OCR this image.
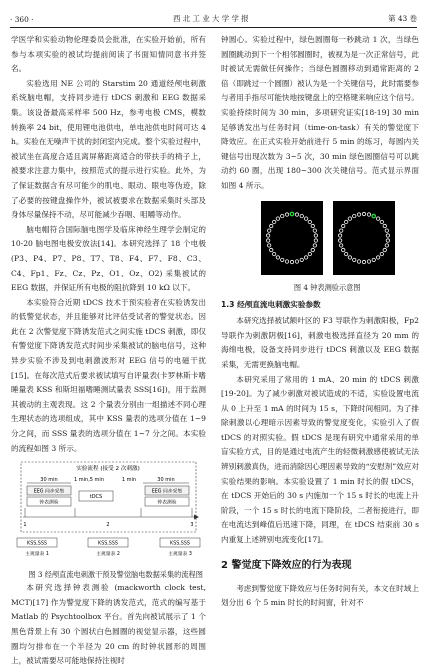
· 360 ·	西 北 工 业 大 学 学 报	第 43 卷

学医学和实验动物伦理委员会批准，在实验开始前，所有参与本项实验的被试均提前阅读了书面知情同意书并签名。

实验选用 NE 公司的 Starstim 20 通道经颅电刺激系统脑电帽，支持同步进行 tDCS 刺激和 EEG 数据采集。该设备最高采样率 500 Hz，参考电极 CMS，模数转换率 24 bit，使用锂电池供电，单电池供电时间可达 4 h。实验在无噪声干扰的封闭室内完成。整个实验过程中，被试坐在高度合适且离屏幕距离适合的带扶手的椅子上，被要求注意力集中，按照范式的提示进行实验。此外，为了保证数据含有尽可能少的肌电、眼动、眼电等伪迹，除了必要的按键盘操作外，被试被要求在数据采集时头部及身体尽量保持不动，尽可能减少吞咽、咀嚼等动作。

脑电帽符合国际脑电图学及临床神经生理学会制定的 10-20 脑电图电极安放法[14]。本研究选择了 18 个电极 (P3、P4、P7、P8、T7、T8、F4、F7、F8、C3、C4、Fp1、Fz、Cz、Pz、O1、Oz、O2) 采集被试的 EEG 数据，并保证所有电极的阻抗降到 10 kΩ 以下。

本实验符合近期 tDCS 技术于预实验者在实验诱发出的低警觉状态，并且能够对比评估受试者的警觉状态。因此在 2 次警觉度下降诱发范式之间实施 tDCS 刺激，即仅有警觉度下降诱发范式时间步采集被试的脑电信号，这种异步实验不涉及到电刺激波形对 EEG 信号的电磁干扰[15]。在每次范式后要求被试填写自评量表(卡罗林斯卡嗜睡量表 KSS 和斯坦福嗜睡测试量表 SSS[16])，用于监测其被动的主观表现。这 2 个量表分别由一组描述不同心理生理状态的选项组成，其中 KSS 量表的选项分值在 1~9 分之间，而 SSS 量表的选项分值在 1~7 分之间。本实验的流程如图 3 所示。

实验流程 (接受 2 次刺激)
30 min	1 min,5 min	1 min	30 min
EEG 同步采集
钟表测验
tDCS
EEG 同步采集
钟表测验
1	2	3
KSS,SSS
主观量表 1
KSS,SSS
主观量表 2
KSS,SSS
主观量表 3

图 3 经颅直流电刺激干预及警觉脑电数据采集的流程图

本研究选择钟表测验 (mackworth clock test, MCT)[17] 作为警觉度下降的诱发范式，范式的编写基于 Matlab 的 Psychtoolbox 平台。首先向被试展示了 1 个黑色背景上有 30 个圆状白色圆圈的视觉显示器，这些圆圈均匀排布在一个半径为 20 cm 的时钟状圆形的周围上，被试需要尽可能地保持注视时

钟圆心。实验过程中，绿色圆圈每一秒跳动 1 次，当绿色圆圈跳动到下一个相邻圆圈时，被视为是一次正常信号，此时被试无需做任何操作；当绿色圆圈移动到通常距离的 2 倍（即跳过一个圆圈）被认为是一个关键信号，此时需要参与者用手指尽可能快地按键盘上的空格键来响应这个信号。实验持续时间为 30 min，多项研究证实[18-19] 30 min 足够诱发出与任务时间（time-on-task）有关的警觉度下降效应。在正式实验开始前进行 5 min 的练习，每圆内关键信号出现次数为 3~5 次，30 min 绿色圆圈信号可以跳动约 60 圈，出现 180~300 次关键信号。范式显示界面如图 4 所示。

图 4 钟表测验示意图

1.3 经颅直流电刺激实验参数

本研究选择被试额叶区的 F3 导联作为刺激阳极，Fp2 导联作为刺激阴极[16]，刺激电极选择直径为 20 mm 的海绵电极，设备支持同步进行 tDCS 刺激以及 EEG 数据采集，无需更换脑电帽。

本研究采用了常用的 1 mA、20 min 的 tDCS 刺激[19-20]。为了减少刺激对被试造成的不适，实验设置电流从 0 上升至 1 mA 的时间为 15 s，下降时间相同。为了排除刺激以心理暗示因素导致的警觉度变化，实验引入了假 tDCS 的对照实验。假 tDCS 是现有研究中通常采用的单盲实验方式，目的是通过电流产生的轻微刺激感使被试无法辨别刺激真伪，进而消除因心理因素导致的“安慰剂”效应对实验结果的影响。本实验设置了 1 min 时长的假 tDCS，在 tDCS 开始后的 30 s 内施加一个 15 s 时长的电流上升阶段，一个 15 s 时长的电流下降阶段，二者衔接进行，即在电流达到峰值后迅速下降，同理，在 tDCS 结束前 30 s 内重复上述辨别电流变化[17]。

2 警觉度下降效应的行为表现

考虑到警觉度下降效应与任务时间有关，本文在时域上划分出 6 个 5 min 时长的时间窗，针对不
